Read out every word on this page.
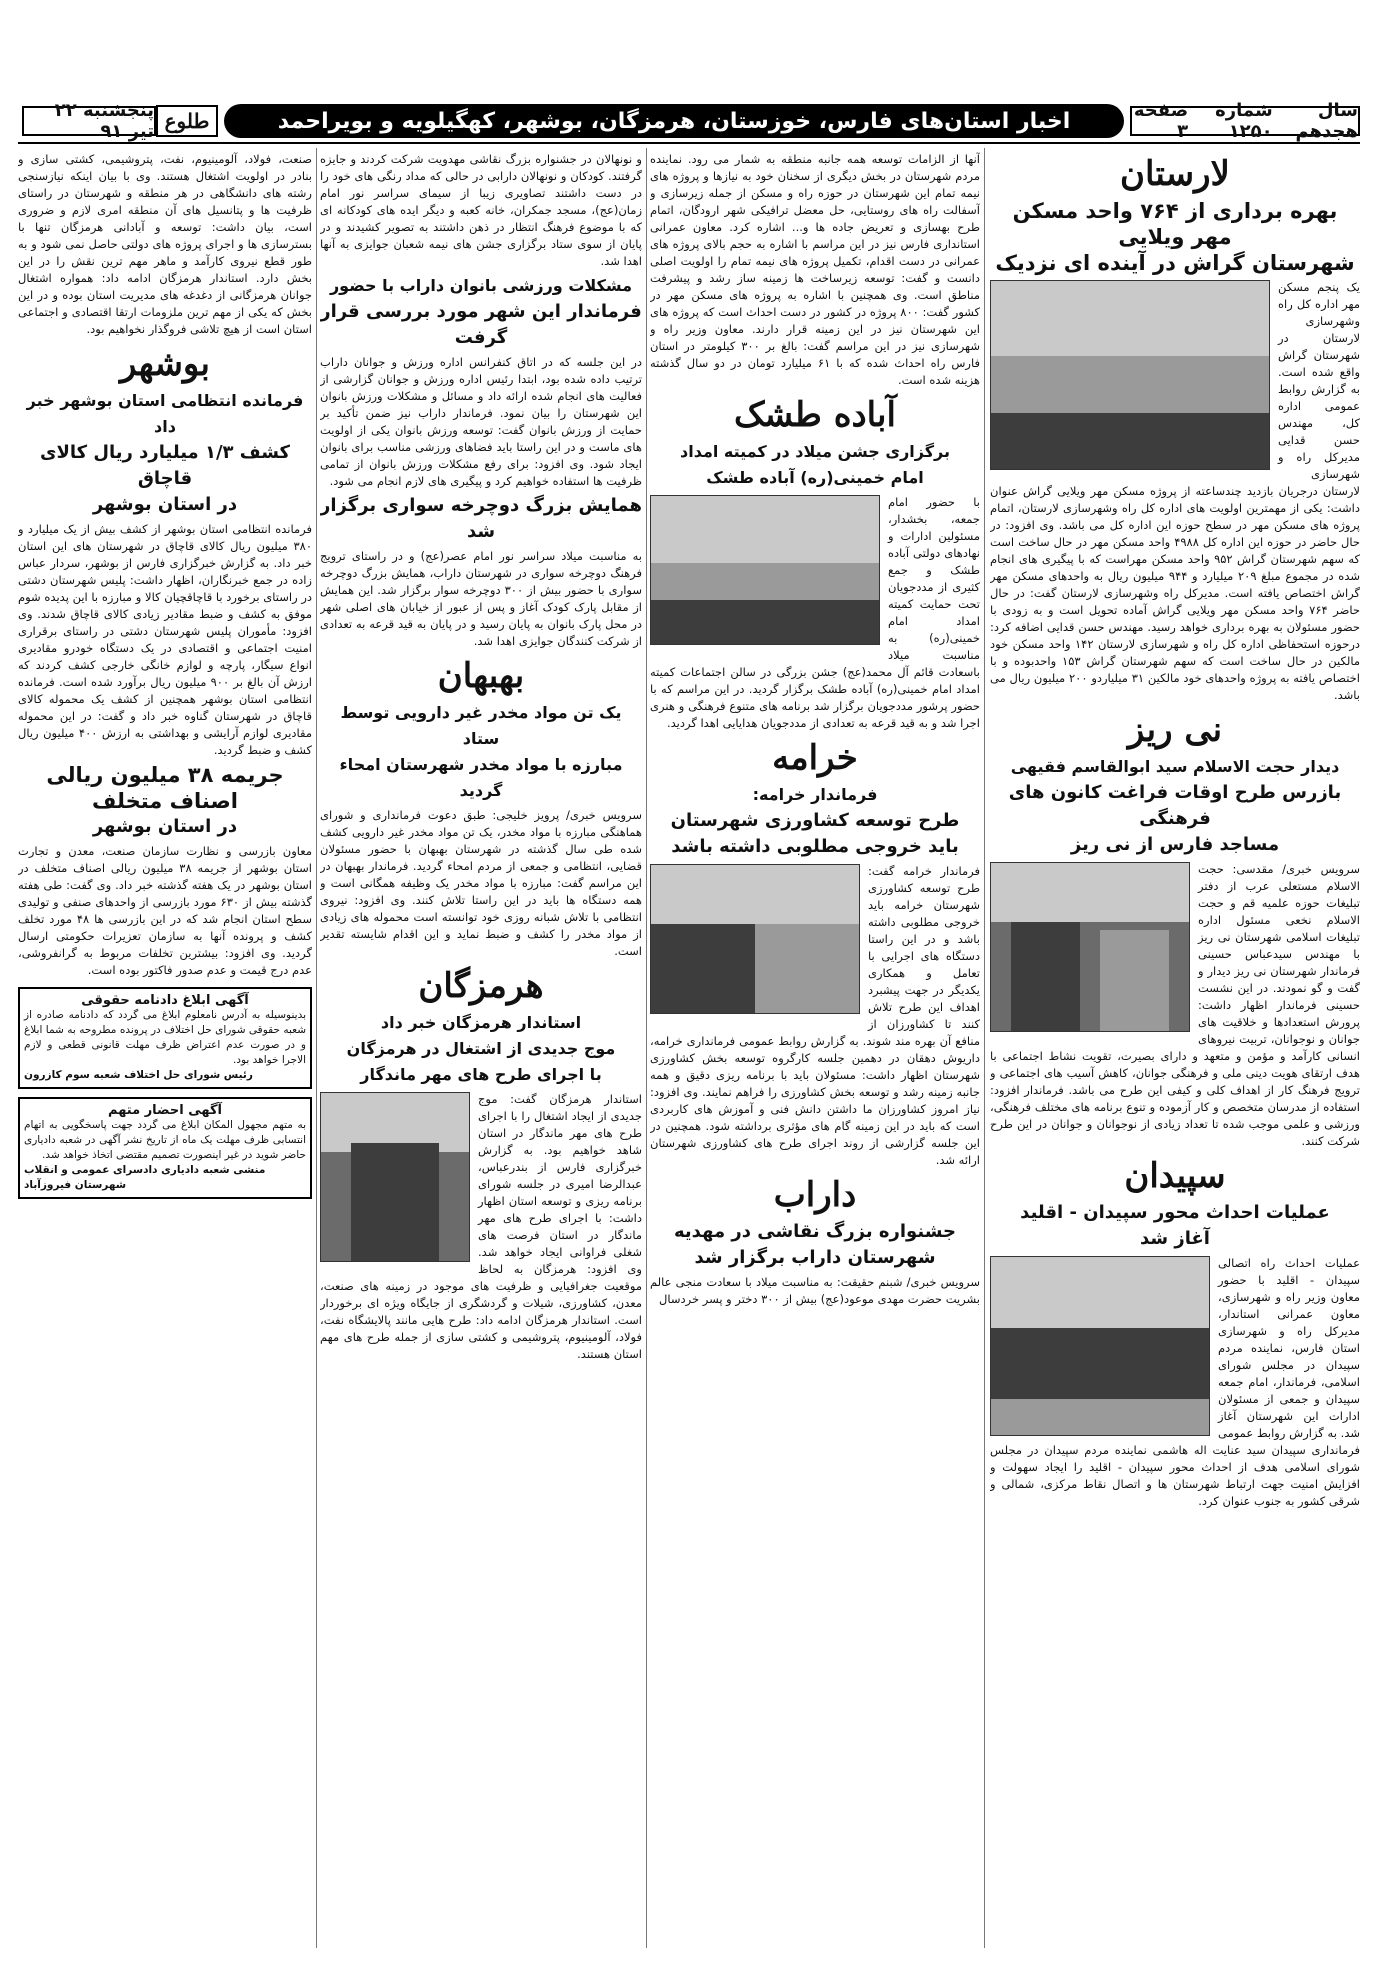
سال هجدهم
شماره ۱۲۵۰
صفحه ۳
اخبار استان‌های فارس، خوزستان، هرمزگان، بوشهر، کهگیلویه و بویراحمد
طلوع
پنجشنبه ۲۲ تیر ۹۱
لارستان
بهره برداری از ۷۶۴ واحد مسکن مهر ویلایی
شهرستان گراش در آینده ای نزدیک
یک پنجم مسکن مهر اداره کل راه وشهرسازی لارستان در شهرستان گراش واقع شده است. به گزارش روابط عمومی اداره کل، مهندس حسن قدایی مدیرکل راه و شهرسازی لارستان درجریان بازدید چندساعته از پروژه مسکن مهر ویلایی گراش عنوان داشت: یکی از مهمترین اولویت های اداره کل راه وشهرسازی لارستان، اتمام پروژه های مسکن مهر در سطح حوزه این اداره کل می باشد. وی افزود: در حال حاضر در حوزه این اداره کل ۴۹۸۸ واحد مسکن مهر در حال ساخت است که سهم شهرستان گراش ۹۵۲ واحد مسکن مهراست که با پیگیری های انجام شده در مجموع مبلغ ۲۰۹ میلیارد و ۹۴۴ میلیون ریال به واحدهای مسکن مهر گراش اختصاص یافته است. مدیرکل راه وشهرسازی لارستان گفت: در حال حاضر ۷۶۴ واحد مسکن مهر ویلایی گراش آماده تحویل است و به زودی با حضور مسئولان به بهره برداری خواهد رسید. مهندس حسن قدایی اضافه کرد: درحوزه استحفاظی اداره کل راه و شهرسازی لارستان ۱۴۲ واحد مسکن خود مالکین در حال ساخت است که سهم شهرستان گراش ۱۵۳ واحدبوده و با اختصاص یافته به پروژه واحدهای خود مالکین ۳۱ میلیاردو ۲۰۰ میلیون ریال می باشد.
نی ریز
دیدار حجت الاسلام سید ابوالقاسم فقیهی
بازرس طرح اوقات فراغت کانون های فرهنگی
مساجد فارس از نی ریز
سرویس خبری/ مقدسی: حجت الاسلام مستعلی عرب از دفتر تبلیغات حوزه علمیه قم و حجت الاسلام نخعی مسئول اداره تبلیغات اسلامی شهرستان نی ریز با مهندس سیدعباس حسینی فرماندار شهرستان نی ریز دیدار و گفت و گو نمودند. در این نشست حسینی فرماندار اظهار داشت: پرورش استعدادها و خلاقیت های جوانان و نوجوانان، تربیت نیروهای انسانی کارآمد و مؤمن و متعهد و دارای بصیرت، تقویت نشاط اجتماعی با هدف ارتقای هویت دینی ملی و فرهنگی جوانان، کاهش آسیب های اجتماعی و ترویج فرهنگ کار از اهداف کلی و کیفی این طرح می باشد. فرماندار افزود: استفاده از مدرسان متخصص و کار آزموده و تنوع برنامه های مختلف فرهنگی، ورزشی و علمی موجب شده تا تعداد زیادی از نوجوانان و جوانان در این طرح شرکت کنند.
سپیدان
عملیات احداث محور سپیدان - اقلید
آغاز شد
عملیات احداث راه اتصالی سپیدان - اقلید با حضور معاون وزیر راه و شهرسازی، معاون عمرانی استاندار، مدیرکل راه و شهرسازی استان فارس، نماینده مردم سپیدان در مجلس شورای اسلامی، فرماندار، امام جمعه سپیدان و جمعی از مسئولان ادارات این شهرستان آغاز شد. به گزارش روابط عمومی فرمانداری سپیدان سید عنایت اله هاشمی نماینده مردم سپیدان در مجلس شورای اسلامی هدف از احداث محور سپیدان - اقلید را ایجاد سهولت و افزایش امنیت جهت ارتباط شهرستان ها و اتصال نقاط مرکزی، شمالی و شرقی کشور به جنوب عنوان کرد.
آنها از الزامات توسعه همه جانبه منطقه به شمار می رود. نماینده مردم شهرستان در بخش دیگری از سخنان خود به نیازها و پروژه های نیمه تمام این شهرستان در حوزه راه و مسکن از جمله زیرسازی و آسفالت راه های روستایی، حل معضل ترافیکی شهر ارودگان، اتمام طرح بهسازی و تعریض جاده ها و... اشاره کرد. معاون عمرانی استانداری فارس نیز در این مراسم با اشاره به حجم بالای پروژه های عمرانی در دست اقدام، تکمیل پروژه های نیمه تمام را اولویت اصلی دانست و گفت: توسعه زیرساخت ها زمینه ساز رشد و پیشرفت مناطق است. وی همچنین با اشاره به پروژه های مسکن مهر در کشور گفت: ۸۰۰ پروژه در کشور در دست احداث است که پروژه های این شهرستان نیز در این زمینه قرار دارند. معاون وزیر راه و شهرسازی نیز در این مراسم گفت: بالغ بر ۳۰۰ کیلومتر در استان فارس راه احداث شده که با ۶۱ میلیارد تومان در دو سال گذشته هزینه شده است.
آباده طشک
برگزاری جشن میلاد در کمیته امداد
امام خمینی(ره) آباده طشک
با حضور امام جمعه، بخشدار، مسئولین ادارات و نهادهای دولتی آباده طشک و جمع کثیری از مددجویان تحت حمایت کمیته امداد امام خمینی(ره) به مناسبت میلاد باسعادت قائم آل محمد(عج) جشن بزرگی در سالن اجتماعات کمیته امداد امام خمینی(ره) آباده طشک برگزار گردید. در این مراسم که با حضور پرشور مددجویان برگزار شد برنامه های متنوع فرهنگی و هنری اجرا شد و به قید قرعه به تعدادی از مددجویان هدایایی اهدا گردید.
خرامه
فرماندار خرامه:
طرح توسعه کشاورزی شهرستان
باید خروجی مطلوبی داشته باشد
فرماندار خرامه گفت: طرح توسعه کشاورزی شهرستان خرامه باید خروجی مطلوبی داشته باشد و در این راستا دستگاه های اجرایی با تعامل و همکاری یکدیگر در جهت پیشبرد اهداف این طرح تلاش کنند تا کشاورزان از منافع آن بهره مند شوند. به گزارش روابط عمومی فرمانداری خرامه، داریوش دهقان در دهمین جلسه کارگروه توسعه بخش کشاورزی شهرستان اظهار داشت: مسئولان باید با برنامه ریزی دقیق و همه جانبه زمینه رشد و توسعه بخش کشاورزی را فراهم نمایند. وی افزود: نیاز امروز کشاورزان ما داشتن دانش فنی و آموزش های کاربردی است که باید در این زمینه گام های مؤثری برداشته شود. همچنین در این جلسه گزارشی از روند اجرای طرح های کشاورزی شهرستان ارائه شد.
داراب
جشنواره بزرگ نقاشی در مهدیه
شهرستان داراب برگزار شد
سرویس خبری/ شبنم حقیقت: به مناسبت میلاد با سعادت منجی عالم بشریت حضرت مهدی موعود(عج) بیش از ۳۰۰ دختر و پسر خردسال
و نونهالان در جشنواره بزرگ نقاشی مهدویت شرکت کردند و جایزه گرفتند. کودکان و نونهالان دارابی در حالی که مداد رنگی های خود را در دست داشتند تصاویری زیبا از سیمای سراسر نور امام زمان(عج)، مسجد جمکران، خانه کعبه و دیگر ایده های کودکانه ای که با موضوع فرهنگ انتظار در ذهن داشتند به تصویر کشیدند و در پایان از سوی ستاد برگزاری جشن های نیمه شعبان جوایزی به آنها اهدا شد.
مشکلات ورزشی بانوان داراب با حضور
فرماندار این شهر مورد بررسی قرار گرفت
در این جلسه که در اتاق کنفرانس اداره ورزش و جوانان داراب ترتیب داده شده بود، ابتدا رئیس اداره ورزش و جوانان گزارشی از فعالیت های انجام شده ارائه داد و مسائل و مشکلات ورزش بانوان این شهرستان را بیان نمود. فرماندار داراب نیز ضمن تأکید بر حمایت از ورزش بانوان گفت: توسعه ورزش بانوان یکی از اولویت های ماست و در این راستا باید فضاهای ورزشی مناسب برای بانوان ایجاد شود. وی افزود: برای رفع مشکلات ورزش بانوان از تمامی ظرفیت ها استفاده خواهیم کرد و پیگیری های لازم انجام می شود.
همایش بزرگ دوچرخه سواری برگزار شد
به مناسبت میلاد سراسر نور امام عصر(عج) و در راستای ترویج فرهنگ دوچرخه سواری در شهرستان داراب، همایش بزرگ دوچرخه سواری با حضور بیش از ۳۰۰ دوچرخه سوار برگزار شد. این همایش از مقابل پارک کودک آغاز و پس از عبور از خیابان های اصلی شهر در محل پارک بانوان به پایان رسید و در پایان به قید قرعه به تعدادی از شرکت کنندگان جوایزی اهدا شد.
بهبهان
یک تن مواد مخدر غیر دارویی توسط ستاد
مبارزه با مواد مخدر شهرستان امحاء گردید
سرویس خبری/ پرویز خلیجی: طبق دعوت فرمانداری و شورای هماهنگی مبارزه با مواد مخدر، یک تن مواد مخدر غیر دارویی کشف شده طی سال گذشته در شهرستان بهبهان با حضور مسئولان قضایی، انتظامی و جمعی از مردم امحاء گردید. فرماندار بهبهان در این مراسم گفت: مبارزه با مواد مخدر یک وظیفه همگانی است و همه دستگاه ها باید در این راستا تلاش کنند. وی افزود: نیروی انتظامی با تلاش شبانه روزی خود توانسته است محموله های زیادی از مواد مخدر را کشف و ضبط نماید و این اقدام شایسته تقدیر است.
هرمزگان
استاندار هرمزگان خبر داد
موج جدیدی از اشتغال در هرمزگان
با اجرای طرح های مهر ماندگار
استاندار هرمزگان گفت: موج جدیدی از ایجاد اشتغال را با اجرای طرح های مهر ماندگار در استان شاهد خواهیم بود. به گزارش خبرگزاری فارس از بندرعباس، عبدالرضا امیری در جلسه شورای برنامه ریزی و توسعه استان اظهار داشت: با اجرای طرح های مهر ماندگار در استان فرصت های شغلی فراوانی ایجاد خواهد شد. وی افزود: هرمزگان به لحاظ موقعیت جغرافیایی و ظرفیت های موجود در زمینه های صنعت، معدن، کشاورزی، شیلات و گردشگری از جایگاه ویژه ای برخوردار است. استاندار هرمزگان ادامه داد: طرح هایی مانند پالایشگاه نفت، فولاد، آلومینیوم، پتروشیمی و کشتی سازی از جمله طرح های مهم استان هستند.
صنعت، فولاد، آلومینیوم، نفت، پتروشیمی، کشتی سازی و بنادر در اولویت اشتغال هستند. وی با بیان اینکه نیازسنجی رشته های دانشگاهی در هر منطقه و شهرستان در راستای ظرفیت ها و پتانسیل های آن منطقه امری لازم و ضروری است، بیان داشت: توسعه و آبادانی هرمزگان تنها با بسترسازی ها و اجرای پروژه های دولتی حاصل نمی شود و به طور قطع نیروی کارآمد و ماهر مهم ترین نقش را در این بخش دارد. استاندار هرمزگان ادامه داد: همواره اشتغال جوانان هرمزگانی از دغدغه های مدیریت استان بوده و در این بخش که یکی از مهم ترین ملزومات ارتقا اقتصادی و اجتماعی استان است از هیچ تلاشی فروگذار نخواهیم بود.
بوشهر
فرمانده انتظامی استان بوشهر خبر داد
کشف ۱/۳ میلیارد ریال کالای قاچاق
در استان بوشهر
فرمانده انتظامی استان بوشهر از کشف بیش از یک میلیارد و ۳۸۰ میلیون ریال کالای قاچاق در شهرستان های این استان خبر داد. به گزارش خبرگزاری فارس از بوشهر، سردار عباس زاده در جمع خبرنگاران، اظهار داشت: پلیس شهرستان دشتی در راستای برخورد با قاچاقچیان کالا و مبارزه با این پدیده شوم موفق به کشف و ضبط مقادیر زیادی کالای قاچاق شدند. وی افزود: مأموران پلیس شهرستان دشتی در راستای برقراری امنیت اجتماعی و اقتصادی در یک دستگاه خودرو مقادیری انواع سیگار، پارچه و لوازم خانگی خارجی کشف کردند که ارزش آن بالغ بر ۹۰۰ میلیون ریال برآورد شده است. فرمانده انتظامی استان بوشهر همچنین از کشف یک محموله کالای قاچاق در شهرستان گناوه خبر داد و گفت: در این محموله مقادیری لوازم آرایشی و بهداشتی به ارزش ۴۰۰ میلیون ریال کشف و ضبط گردید.
جریمه ۳۸ میلیون ریالی اصناف متخلف
در استان بوشهر
معاون بازرسی و نظارت سازمان صنعت، معدن و تجارت استان بوشهر از جریمه ۳۸ میلیون ریالی اصناف متخلف در استان بوشهر در یک هفته گذشته خبر داد. وی گفت: طی هفته گذشته بیش از ۶۳۰ مورد بازرسی از واحدهای صنفی و تولیدی سطح استان انجام شد که در این بازرسی ها ۴۸ مورد تخلف کشف و پرونده آنها به سازمان تعزیرات حکومتی ارسال گردید. وی افزود: بیشترین تخلفات مربوط به گرانفروشی، عدم درج قیمت و عدم صدور فاکتور بوده است.
آگهی ابلاغ دادنامه حقوقی
بدینوسیله به آدرس نامعلوم ابلاغ می گردد که دادنامه صادره از شعبه حقوقی شورای حل اختلاف در پرونده مطروحه به شما ابلاغ و در صورت عدم اعتراض ظرف مهلت قانونی قطعی و لازم الاجرا خواهد بود.
رئیس شورای حل اختلاف شعبه سوم کازرون
آگهی احضار متهم
به متهم مجهول المکان ابلاغ می گردد جهت پاسخگویی به اتهام انتسابی ظرف مهلت یک ماه از تاریخ نشر آگهی در شعبه دادیاری حاضر شوید در غیر اینصورت تصمیم مقتضی اتخاذ خواهد شد.
منشی شعبه دادیاری دادسرای عمومی و انقلاب شهرستان فیروزآباد
